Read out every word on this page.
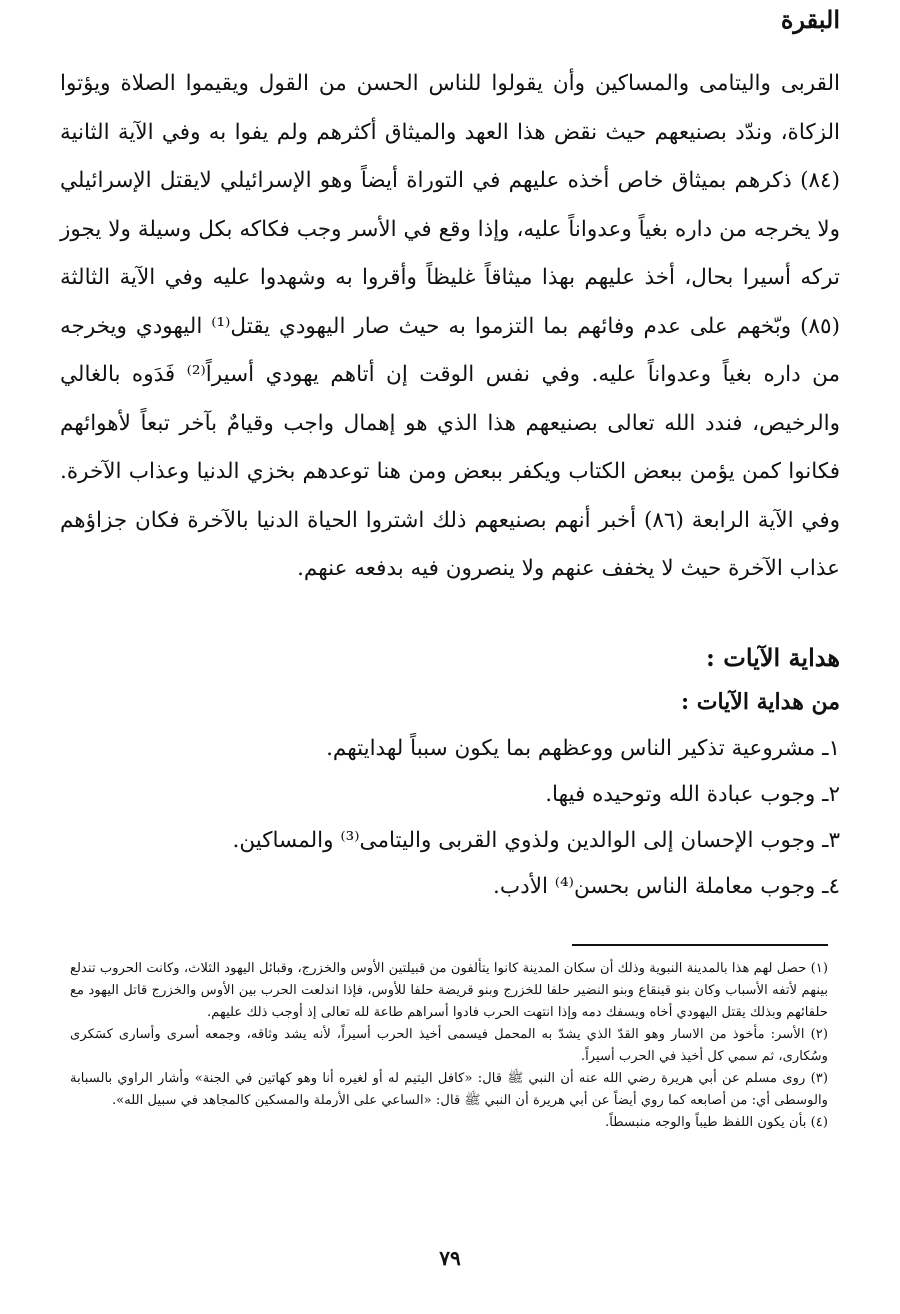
البقرة

القربى واليتامى والمساكين وأن يقولوا للناس الحسن من القول ويقيموا الصلاة ويؤتوا الزكاة، وندّد بصنيعهم حيث نقض هذا العهد والميثاق أكثرهم ولم يفوا به وفي الآية الثانية (٨٤) ذكرهم بميثاق خاص أخذه عليهم في التوراة أيضاً وهو الإسرائيلي لايقتل الإسرائيلي ولا يخرجه من داره بغياً وعدواناً عليه، وإذا وقع في الأسر وجب فكاكه بكل وسيلة ولا يجوز تركه أسيرا بحال، أخذ عليهم بهذا ميثاقاً غليظاً وأقروا به وشهدوا عليه وفي الآية الثالثة (٨٥) وبّخهم على عدم وفائهم بما التزموا به حيث صار اليهودي يقتل⁽¹⁾ اليهودي ويخرجه من داره بغياً وعدواناً عليه. وفي نفس الوقت إن أتاهم يهودي أسيراً⁽²⁾ فَدَوه بالغالي والرخيص، فندد الله تعالى بصنيعهم هذا الذي هو إهمال واجب وقيامٌ بآخر تبعاً لأهوائهم فكانوا كمن يؤمن ببعض الكتاب ويكفر ببعض ومن هنا توعدهم بخزي الدنيا وعذاب الآخرة. وفي الآية الرابعة (٨٦) أخبر أنهم بصنيعهم ذلك اشتروا الحياة الدنيا بالآخرة فكان جزاؤهم عذاب الآخرة حيث لا يخفف عنهم ولا ينصرون فيه بدفعه عنهم.

هداية الآيات :
من هداية الآيات :
١ـ مشروعية تذكير الناس ووعظهم بما يكون سبباً لهدايتهم.
٢ـ وجوب عبادة الله وتوحيده فيها.
٣ـ وجوب الإحسان إلى الوالدين ولذوي القربى واليتامى⁽³⁾ والمساكين.
٤ـ وجوب معاملة الناس بحسن⁽⁴⁾ الأدب.

(١) حصل لهم هذا بالمدينة النبوية وذلك أن سكان المدينة كانوا يتألفون من قبيلتين الأوس والخزرج، وقبائل اليهود الثلاث، وكانت الحروب تندلع بينهم لأتفه الأسباب وكان بنو قينقاع وبنو النضير حلفا للخزرج وبنو قريضة حلفا للأوس، فإذا اندلعت الحرب بين الأوس والخزرج قاتل اليهود مع حلفائهم وبذلك يقتل اليهودي أخاه ويسفك دمه وإذا انتهت الحرب فادوا أسراهم طاعة لله تعالى إذ أوجب ذلك عليهم.

(٢) الأسر: مأخوذ من الاسار وهو القدّ الذي يشدّ به المحمل فيسمى أخيذ الحرب أسيراً، لأنه يشد وثاقه، وجمعه أسرى وأسارى كسَكرى وسُكارى، ثم سمي كل أخيذ في الحرب أسيراً.

(٣) روى مسلم عن أبي هريرة رضي الله عنه أن النبي ﷺ قال: «كافل اليتيم له أو لغيره أنا وهو كهاتين في الجنة» وأشار الراوي بالسبابة والوسطى أي: من أصابعه كما روي أيضاً عن أبي هريرة أن النبي ﷺ قال: «الساعي على الأرملة والمسكين كالمجاهد في سبيل الله».

(٤) بأن يكون اللفظ طيباً والوجه منبسطاً.

٧٩
